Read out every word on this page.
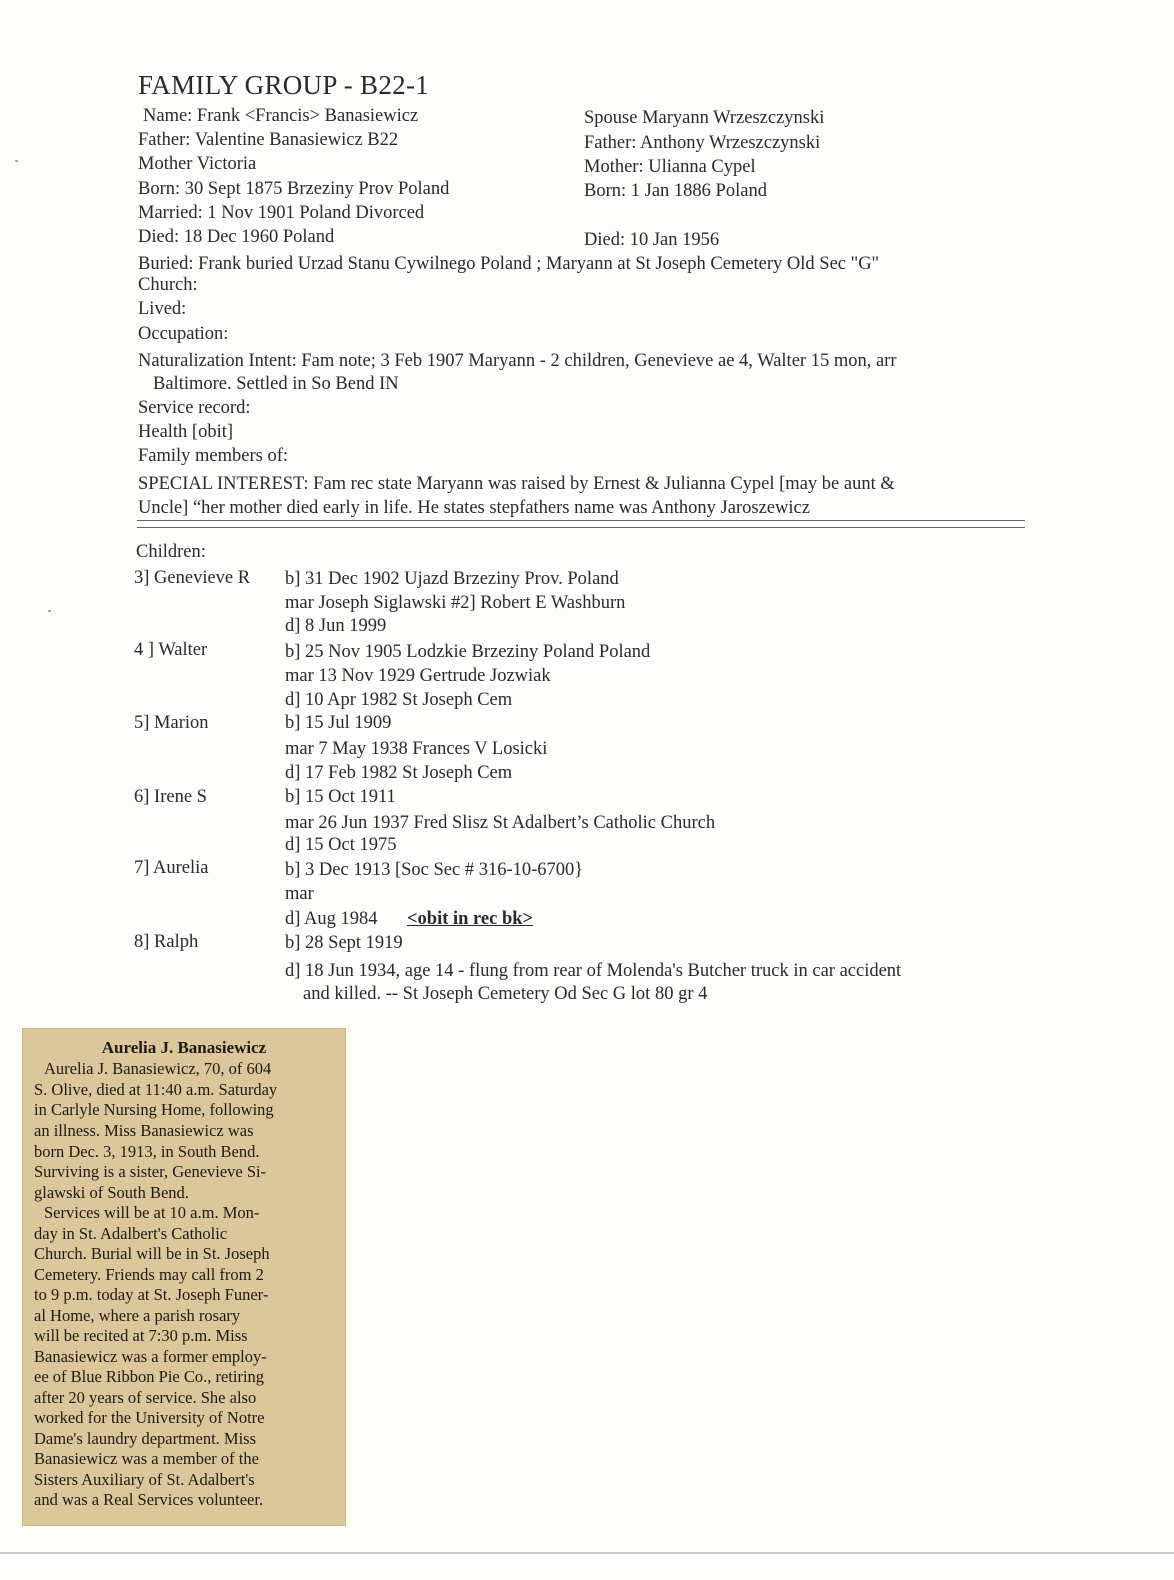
FAMILY GROUP - B22-1
Name: Frank <Francis> Banasiewicz
Father: Valentine Banasiewicz B22
Mother Victoria
Born: 30 Sept 1875 Brzeziny Prov Poland
Married: 1 Nov 1901 Poland Divorced
Died: 18 Dec 1960 Poland
Spouse Maryann Wrzeszczynski
Father: Anthony Wrzeszczynski
Mother: Ulianna Cypel
Born: 1 Jan 1886 Poland
Died: 10 Jan 1956
Buried: Frank buried Urzad Stanu Cywilnego Poland ; Maryann at St Joseph Cemetery Old Sec "G"
Church:
Lived:
Occupation:
Naturalization Intent: Fam note; 3 Feb 1907 Maryann - 2 children, Genevieve ae 4, Walter 15 mon, arr
Baltimore. Settled in So Bend IN
Service record:
Health [obit]
Family members of:
SPECIAL INTEREST: Fam rec state Maryann was raised by Ernest & Julianna Cypel [may be aunt &
Uncle] “her mother died early in life. He states stepfathers name was Anthony Jaroszewicz
Children:
3] Genevieve R b] 31 Dec 1902 Ujazd Brzeziny Prov. Poland
mar Joseph Siglawski #2] Robert E Washburn
d] 8 Jun 1999
4 ] Walter	b] 25 Nov 1905 Lodzkie Brzeziny Poland Poland
mar 13 Nov 1929 Gertrude Jozwiak
d] 10 Apr 1982 St Joseph Cem
5] Marion	b] 15 Jul 1909
mar 7 May 1938 Frances V Losicki
d] 17 Feb 1982 St Joseph Cem
6] Irene S	b] 15 Oct 1911
mar 26 Jun 1937 Fred Slisz St Adalbert’s Catholic Church
d] 15 Oct 1975
7] Aurelia	b] 3 Dec 1913 [Soc Sec # 316-10-6700}
mar
d] Aug 1984 <obit in rec bk>
8] Ralph	b] 28 Sept 1919
d] 18 Jun 1934, age 14 - flung from rear of Molenda's Butcher truck in car accident
and killed. -- St Joseph Cemetery Od Sec G lot 80 gr 4
Aurelia J. Banasiewicz
Aurelia J. Banasiewicz, 70, of 604
S. Olive, died at 11:40 a.m. Saturday
in Carlyle Nursing Home, following
an illness. Miss Banasiewicz was
born Dec. 3, 1913, in South Bend.
Surviving is a sister, Genevieve Si-
glawski of South Bend.
Services will be at 10 a.m. Mon-
day in St. Adalbert's Catholic
Church. Burial will be in St. Joseph
Cemetery. Friends may call from 2
to 9 p.m. today at St. Joseph Funer-
al Home, where a parish rosary
will be recited at 7:30 p.m. Miss
Banasiewicz was a former employ-
ee of Blue Ribbon Pie Co., retiring
after 20 years of service. She also
worked for the University of Notre
Dame's laundry department. Miss
Banasiewicz was a member of the
Sisters Auxiliary of St. Adalbert's
and was a Real Services volunteer.
